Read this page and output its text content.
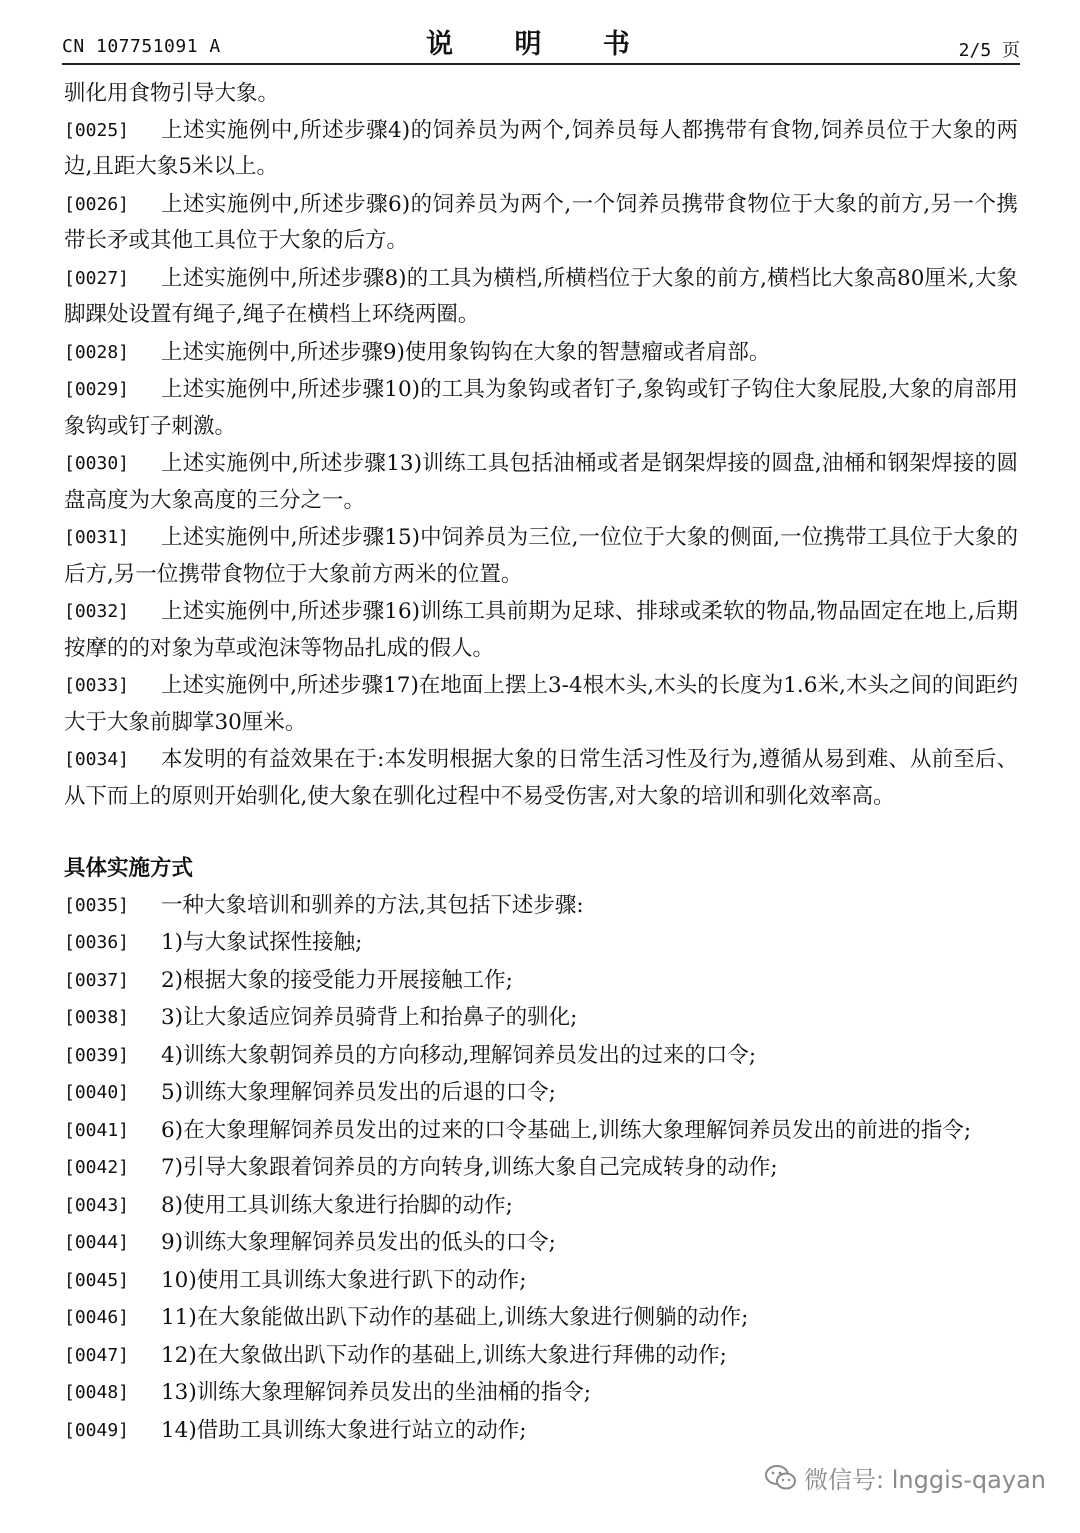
CN 107751091 A	说 明 书	2/5 页
驯化用食物引导大象。
[0025]	上述实施例中,所述步骤4)的饲养员为两个,饲养员每人都携带有食物,饲养员位于大象的两边,且距大象5米以上。
[0026]	上述实施例中,所述步骤6)的饲养员为两个,一个饲养员携带食物位于大象的前方,另一个携带长矛或其他工具位于大象的后方。
[0027]	上述实施例中,所述步骤8)的工具为横档,所横档位于大象的前方,横档比大象高80厘米,大象脚踝处设置有绳子,绳子在横档上环绕两圈。
[0028]	上述实施例中,所述步骤9)使用象钩钩在大象的智慧瘤或者肩部。
[0029]	上述实施例中,所述步骤10)的工具为象钩或者钉子,象钩或钉子钩住大象屁股,大象的肩部用象钩或钉子刺激。
[0030]	上述实施例中,所述步骤13)训练工具包括油桶或者是钢架焊接的圆盘,油桶和钢架焊接的圆盘高度为大象高度的三分之一。
[0031]	上述实施例中,所述步骤15)中饲养员为三位,一位位于大象的侧面,一位携带工具位于大象的后方,另一位携带食物位于大象前方两米的位置。
[0032]	上述实施例中,所述步骤16)训练工具前期为足球、排球或柔软的物品,物品固定在地上,后期按摩的的对象为草或泡沫等物品扎成的假人。
[0033]	上述实施例中,所述步骤17)在地面上摆上3-4根木头,木头的长度为1.6米,木头之间的间距约大于大象前脚掌30厘米。
[0034]	本发明的有益效果在于:本发明根据大象的日常生活习性及行为,遵循从易到难、从前至后、从下而上的原则开始驯化,使大象在驯化过程中不易受伤害,对大象的培训和驯化效率高。
具体实施方式
[0035]	一种大象培训和驯养的方法,其包括下述步骤:
[0036]	1)与大象试探性接触;
[0037]	2)根据大象的接受能力开展接触工作;
[0038]	3)让大象适应饲养员骑背上和抬鼻子的驯化;
[0039]	4)训练大象朝饲养员的方向移动,理解饲养员发出的过来的口令;
[0040]	5)训练大象理解饲养员发出的后退的口令;
[0041]	6)在大象理解饲养员发出的过来的口令基础上,训练大象理解饲养员发出的前进的指令;
[0042]	7)引导大象跟着饲养员的方向转身,训练大象自己完成转身的动作;
[0043]	8)使用工具训练大象进行抬脚的动作;
[0044]	9)训练大象理解饲养员发出的低头的口令;
[0045]	10)使用工具训练大象进行趴下的动作;
[0046]	11)在大象能做出趴下动作的基础上,训练大象进行侧躺的动作;
[0047]	12)在大象做出趴下动作的基础上,训练大象进行拜佛的动作;
[0048]	13)训练大象理解饲养员发出的坐油桶的指令;
[0049]	14)借助工具训练大象进行站立的动作;
微信号: lnggis-qayan
